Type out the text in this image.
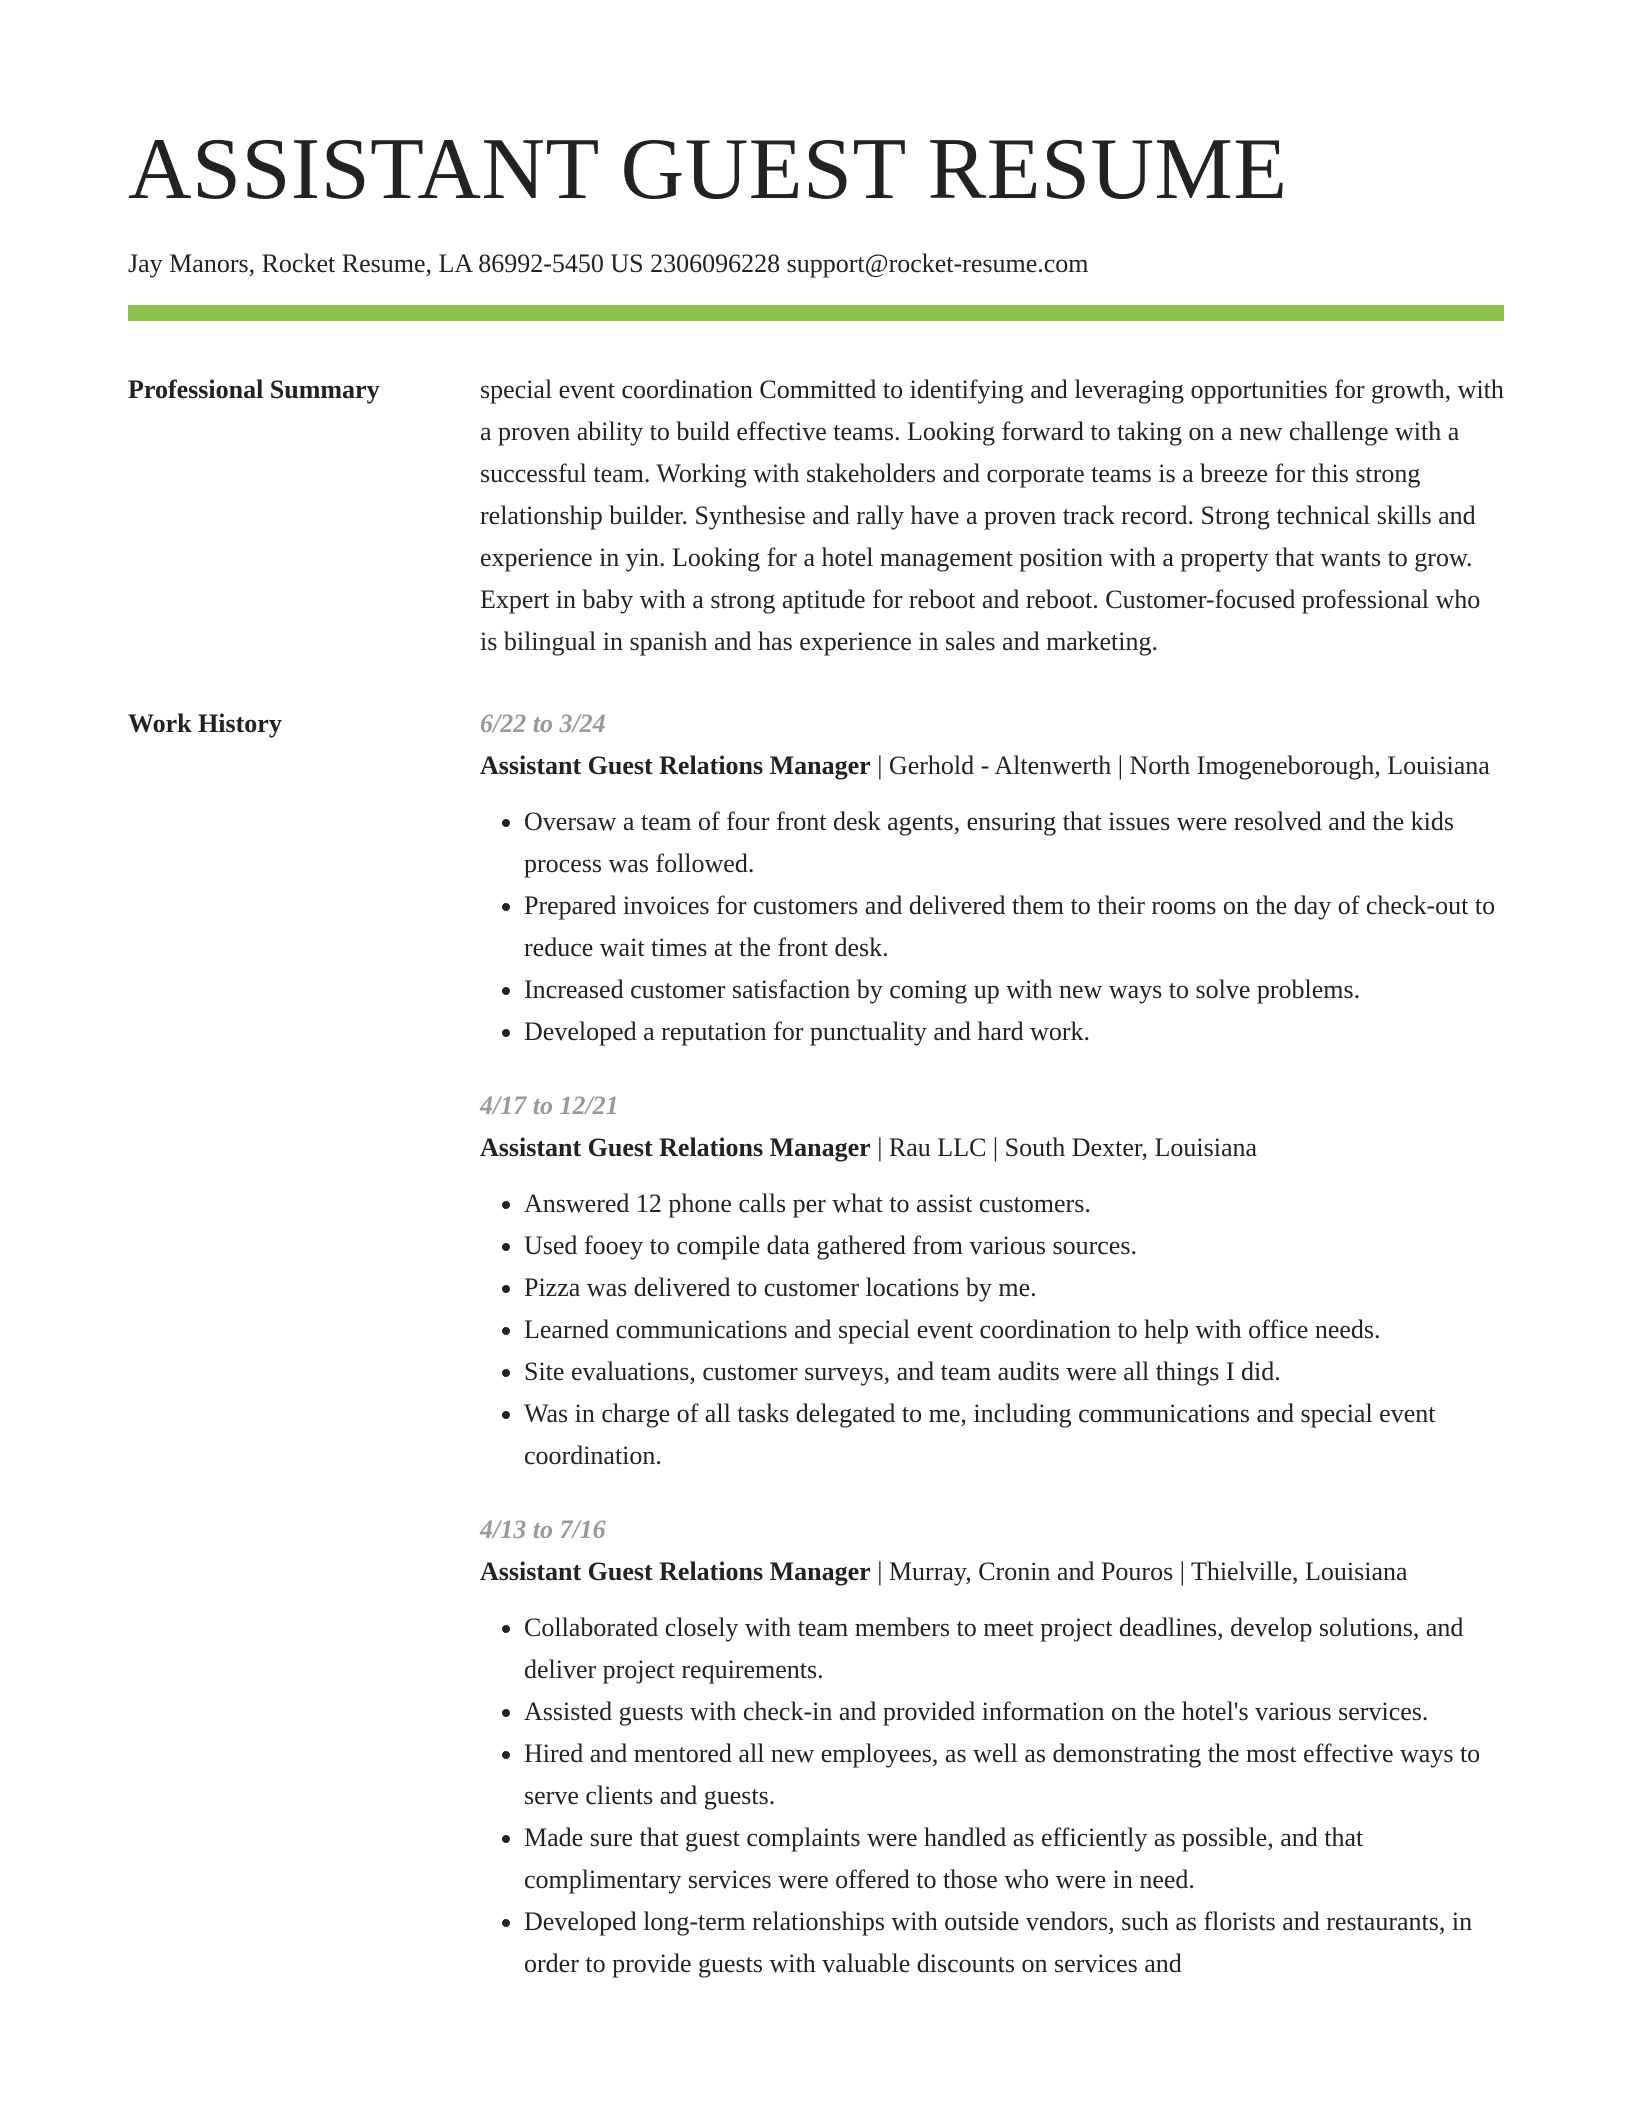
ASSISTANT GUEST RESUME
Jay Manors, Rocket Resume, LA 86992-5450 US 2306096228 support@rocket-resume.com
Professional Summary	special event coordination Committed to identifying and leveraging opportunities for growth, with a proven ability to build effective teams. Looking forward to taking on a new challenge with a successful team. Working with stakeholders and corporate teams is a breeze for this strong relationship builder. Synthesise and rally have a proven track record. Strong technical skills and experience in yin. Looking for a hotel management position with a property that wants to grow. Expert in baby with a strong aptitude for reboot and reboot. Customer-focused professional who is bilingual in spanish and has experience in sales and marketing.

Work History	6/22 to 3/24
Assistant Guest Relations Manager | Gerhold - Altenwerth | North Imogeneborough, Louisiana
• Oversaw a team of four front desk agents, ensuring that issues were resolved and the kids process was followed.
• Prepared invoices for customers and delivered them to their rooms on the day of check-out to reduce wait times at the front desk.
• Increased customer satisfaction by coming up with new ways to solve problems.
• Developed a reputation for punctuality and hard work.
4/17 to 12/21
Assistant Guest Relations Manager | Rau LLC | South Dexter, Louisiana
• Answered 12 phone calls per what to assist customers.
• Used fooey to compile data gathered from various sources.
• Pizza was delivered to customer locations by me.
• Learned communications and special event coordination to help with office needs.
• Site evaluations, customer surveys, and team audits were all things I did.
• Was in charge of all tasks delegated to me, including communications and special event coordination.
4/13 to 7/16
Assistant Guest Relations Manager | Murray, Cronin and Pouros | Thielville, Louisiana
• Collaborated closely with team members to meet project deadlines, develop solutions, and deliver project requirements.
• Assisted guests with check-in and provided information on the hotel's various services.
• Hired and mentored all new employees, as well as demonstrating the most effective ways to serve clients and guests.
• Made sure that guest complaints were handled as efficiently as possible, and that complimentary services were offered to those who were in need.
• Developed long-term relationships with outside vendors, such as florists and restaurants, in order to provide guests with valuable discounts on services and
